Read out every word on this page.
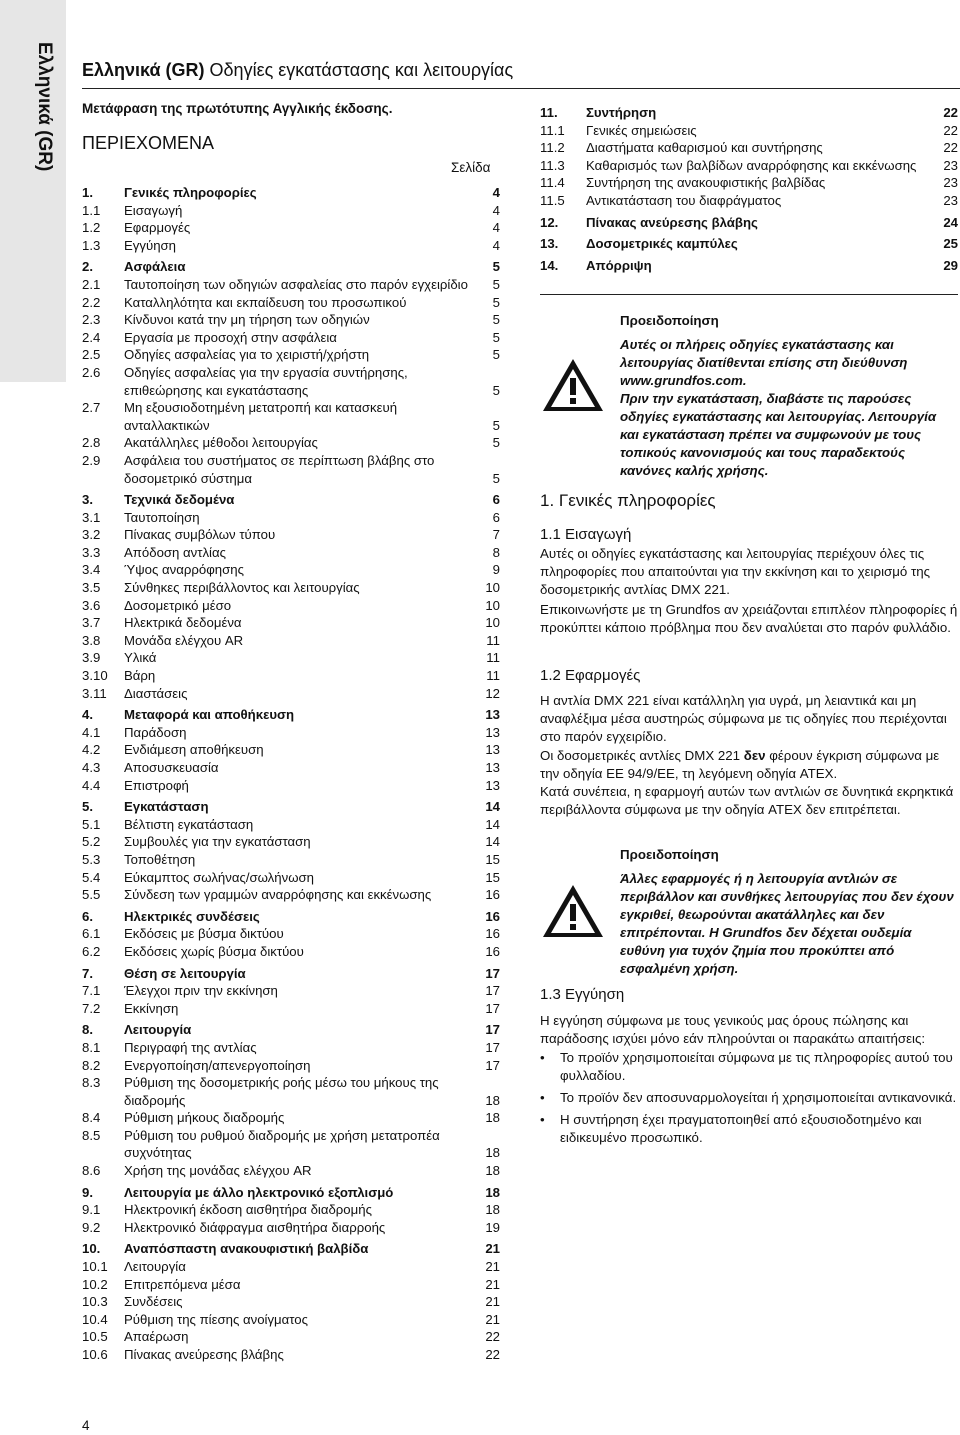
Ελληνικά (GR) Ελληνικά (GR) Οδηγίες εγκατάστασης και λειτουργίας
Μετάφραση της πρωτότυπης Αγγλικής έκδοσης.
ΠΕΡΙΕΧΟΜΕΝΑ
Σελίδα
1.	Γενικές πληροφορίες	4
1.1	Εισαγωγή	4
1.2	Εφαρμογές	4
1.3	Εγγύηση	4
2.	Ασφάλεια	5
2.1	Ταυτοποίηση των οδηγιών ασφαλείας στο παρόν εγχειρίδιο	5
2.2	Καταλληλότητα και εκπαίδευση του προσωπικού	5
2.3	Κίνδυνοι κατά την μη τήρηση των οδηγιών	5
2.4	Εργασία με προσοχή στην ασφάλεια	5
2.5	Οδηγίες ασφαλείας για το χειριστή/χρήστη	5
2.6	Οδηγίες ασφαλείας για την εργασία συντήρησης, επιθεώρησης και εγκατάστασης	5
2.7	Μη εξουσιοδοτημένη μετατροπή και κατασκευή ανταλλακτικών	5
2.8	Ακατάλληλες μέθοδοι λειτουργίας	5
2.9	Ασφάλεια του συστήματος σε περίπτωση βλάβης στο δοσομετρικό σύστημα	5
3.	Τεχνικά δεδομένα	6
3.1	Ταυτοποίηση	6
3.2	Πίνακας συμβόλων τύπου	7
3.3	Απόδοση αντλίας	8
3.4	Ύψος αναρρόφησης	9
3.5	Σύνθηκες περιβάλλοντος και λειτουργίας	10
3.6	Δοσομετρικό μέσο	10
3.7	Ηλεκτρικά δεδομένα	10
3.8	Μονάδα ελέγχου AR	11
3.9	Υλικά	11
3.10	Βάρη	11
3.11	Διαστάσεις	12
4.	Μεταφορά και αποθήκευση	13
4.1	Παράδοση	13
4.2	Ενδιάμεση αποθήκευση	13
4.3	Αποσυσκευασία	13
4.4	Επιστροφή	13
5.	Εγκατάσταση	14
5.1	Βέλτιστη εγκατάσταση	14
5.2	Συμβουλές για την εγκατάσταση	14
5.3	Τοποθέτηση	15
5.4	Εύκαμπτος σωλήνας/σωλήνωση	15
5.5	Σύνδεση των γραμμών αναρρόφησης και εκκένωσης	16
6.	Ηλεκτρικές συνδέσεις	16
6.1	Εκδόσεις με βύσμα δικτύου	16
6.2	Εκδόσεις χωρίς βύσμα δικτύου	16
7.	Θέση σε λειτουργία	17
7.1	Έλεγχοι πριν την εκκίνηση	17
7.2	Εκκίνηση	17
8.	Λειτουργία	17
8.1	Περιγραφή της αντλίας	17
8.2	Ενεργοποίηση/απενεργοποίηση	17
8.3	Ρύθμιση της δοσομετρικής ροής μέσω του μήκους της διαδρομής	18
8.4	Ρύθμιση μήκους διαδρομής	18
8.5	Ρύθμιση του ρυθμού διαδρομής με χρήση μετατροπέα συχνότητας	18
8.6	Χρήση της μονάδας ελέγχου AR	18
9.	Λειτουργία με άλλο ηλεκτρονικό εξοπλισμό	18
9.1	Ηλεκτρονική έκδοση αισθητήρα διαδρομής	18
9.2	Ηλεκτρονικό διάφραγμα αισθητήρα διαρροής	19
10.	Αναπόσπαστη ανακουφιστική βαλβίδα	21
10.1	Λειτουργία	21
10.2	Επιτρεπόμενα μέσα	21
10.3	Συνδέσεις	21
10.4	Ρύθμιση της πίεσης ανοίγματος	21
10.5	Απαέρωση	22
10.6	Πίνακας ανεύρεσης βλάβης	22
11.	Συντήρηση	22
11.1	Γενικές σημειώσεις	22
11.2	Διαστήματα καθαρισμού και συντήρησης	22
11.3	Καθαρισμός των βαλβίδων αναρρόφησης και εκκένωσης	23
11.4	Συντήρηση της ανακουφιστικής βαλβίδας	23
11.5	Αντικατάσταση του διαφράγματος	23
12.	Πίνακας ανεύρεσης βλάβης	24
13.	Δοσομετρικές καμπύλες	25
14.	Απόρριψη	29
Προειδοποίηση
Αυτές οι πλήρεις οδηγίες εγκατάστασης και λειτουργίας διατίθενται επίσης στη διεύθυνση www.grundfos.com.
Πριν την εγκατάσταση, διαβάστε τις παρούσες οδηγίες εγκατάστασης και λειτουργίας. Λειτουργία και εγκατάσταση πρέπει να συμφωνούν με τους τοπικούς κανονισμούς και τους παραδεκτούς κανόνες καλής χρήσης.
1. Γενικές πληροφορίες
1.1 Εισαγωγή
Αυτές οι οδηγίες εγκατάστασης και λειτουργίας περιέχουν όλες τις πληροφορίες που απαιτούνται για την εκκίνηση και το χειρισμό της δοσομετρικής αντλίας DMX 221.
Επικοινωνήστε με τη Grundfos αν χρειάζονται επιπλέον πληροφορίες ή προκύπτει κάποιο πρόβλημα που δεν αναλύεται στο παρόν φυλλάδιο.
1.2 Εφαρμογές
Η αντλία DMX 221 είναι κατάλληλη για υγρά, μη λειαντικά και μη αναφλέξιμα μέσα αυστηρώς σύμφωνα με τις οδηγίες που περιέχονται στο παρόν εγχειρίδιο.
Οι δοσομετρικές αντλίες DMX 221 δεν φέρουν έγκριση σύμφωνα με την οδηγία ΕΕ 94/9/ΕΕ, τη λεγόμενη οδηγία ATEX.
Κατά συνέπεια, η εφαρμογή αυτών των αντλιών σε δυνητικά εκρηκτικά περιβάλλοντα σύμφωνα με την οδηγία ATEX δεν επιτρέπεται.
Προειδοποίηση
Άλλες εφαρμογές ή η λειτουργία αντλιών σε περιβάλλον και συνθήκες λειτουργίας που δεν έχουν εγκριθεί, θεωρούνται ακατάλληλες και δεν επιτρέπονται. Η Grundfos δεν δέχεται ουδεμία ευθύνη για τυχόν ζημία που προκύπτει από εσφαλμένη χρήση.
1.3 Εγγύηση
Η εγγύηση σύμφωνα με τους γενικούς μας όρους πώλησης και παράδοσης ισχύει μόνο εάν πληρούνται οι παρακάτω απαιτήσεις:
• Το προϊόν χρησιμοποιείται σύμφωνα με τις πληροφορίες αυτού του φυλλαδίου.
• Το προϊόν δεν αποσυναρμολογείται ή χρησιμοποιείται αντικανονικά.
• Η συντήρηση έχει πραγματοποιηθεί από εξουσιοδοτημένο και ειδικευμένο προσωπικό.
4
